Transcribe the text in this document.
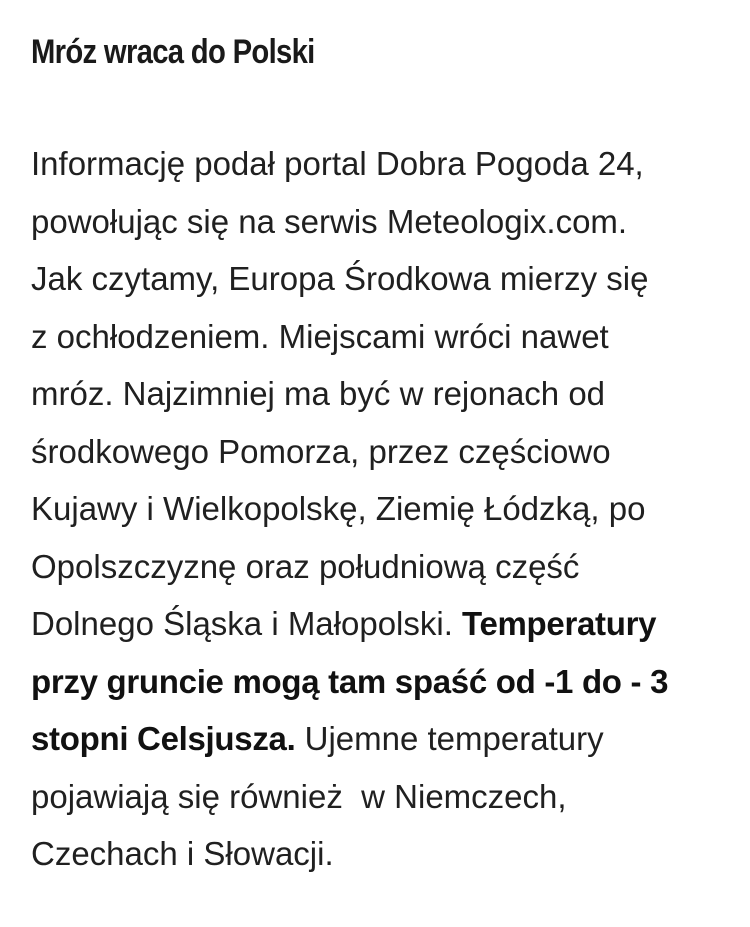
Mróz wraca do Polski

Informację podał portal Dobra Pogoda 24,
powołując się na serwis Meteologix.com.
Jak czytamy, Europa Środkowa mierzy się
z ochłodzeniem. Miejscami wróci nawet
mróz. Najzimniej ma być w rejonach od
środkowego Pomorza, przez częściowo
Kujawy i Wielkopolskę, Ziemię Łódzką, po
Opolszczyznę oraz południową część
Dolnego Śląska i Małopolski. Temperatury
przy gruncie mogą tam spaść od -1 do - 3
stopni Celsjusza. Ujemne temperatury
pojawiają się również  w Niemczech,
Czechach i Słowacji.
